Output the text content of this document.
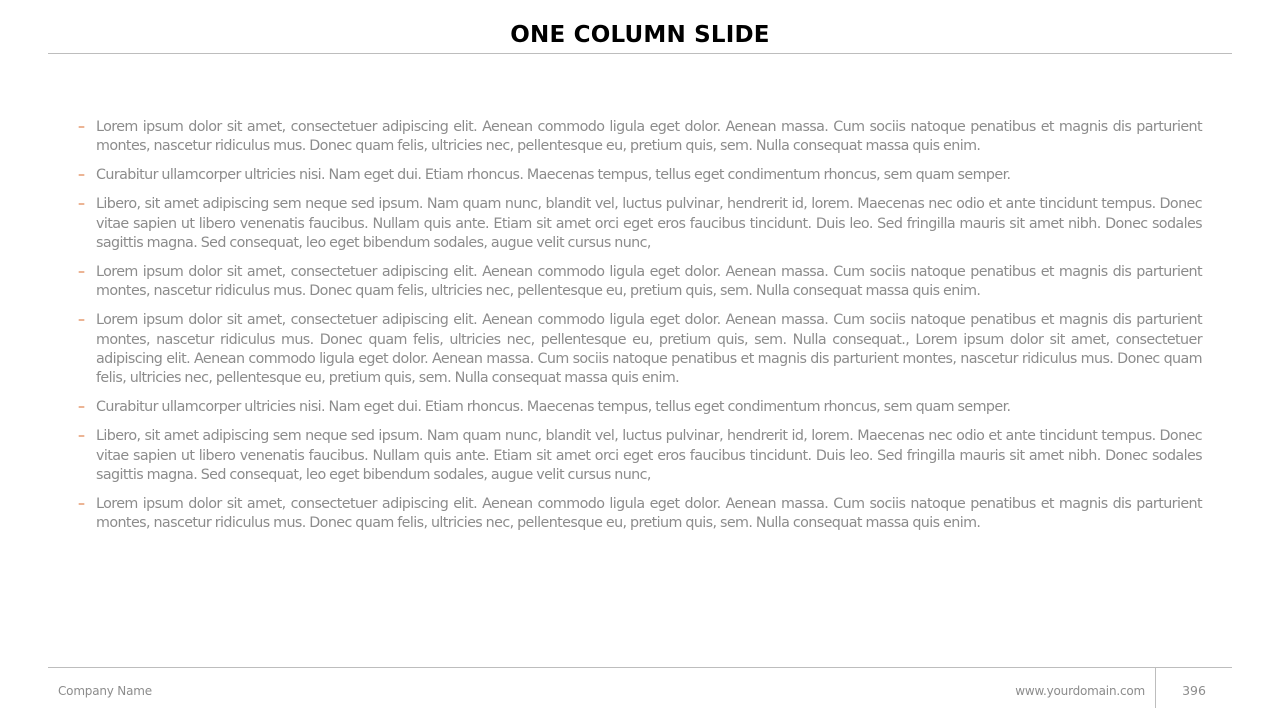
ONE COLUMN SLIDE
– Lorem ipsum dolor sit amet, consectetuer adipiscing elit. Aenean commodo ligula eget dolor. Aenean massa. Cum sociis natoque penatibus et magnis dis parturient montes, nascetur ridiculus mus. Donec quam felis, ultricies nec, pellentesque eu, pretium quis, sem. Nulla consequat massa quis enim.
– Curabitur ullamcorper ultricies nisi. Nam eget dui. Etiam rhoncus. Maecenas tempus, tellus eget condimentum rhoncus, sem quam semper.
– Libero, sit amet adipiscing sem neque sed ipsum. Nam quam nunc, blandit vel, luctus pulvinar, hendrerit id, lorem. Maecenas nec odio et ante tincidunt tempus. Donec vitae sapien ut libero venenatis faucibus. Nullam quis ante. Etiam sit amet orci eget eros faucibus tincidunt. Duis leo. Sed fringilla mauris sit amet nibh. Donec sodales sagittis magna. Sed consequat, leo eget bibendum sodales, augue velit cursus nunc,
– Lorem ipsum dolor sit amet, consectetuer adipiscing elit. Aenean commodo ligula eget dolor. Aenean massa. Cum sociis natoque penatibus et magnis dis parturient montes, nascetur ridiculus mus. Donec quam felis, ultricies nec, pellentesque eu, pretium quis, sem. Nulla consequat massa quis enim.
– Lorem ipsum dolor sit amet, consectetuer adipiscing elit. Aenean commodo ligula eget dolor. Aenean massa. Cum sociis natoque penatibus et magnis dis parturient montes, nascetur ridiculus mus. Donec quam felis, ultricies nec, pellentesque eu, pretium quis, sem. Nulla consequat., Lorem ipsum dolor sit amet, consectetuer adipiscing elit. Aenean commodo ligula eget dolor. Aenean massa. Cum sociis natoque penatibus et magnis dis parturient montes, nascetur ridiculus mus. Donec quam felis, ultricies nec, pellentesque eu, pretium quis, sem. Nulla consequat massa quis enim.
– Curabitur ullamcorper ultricies nisi. Nam eget dui. Etiam rhoncus. Maecenas tempus, tellus eget condimentum rhoncus, sem quam semper.
– Libero, sit amet adipiscing sem neque sed ipsum. Nam quam nunc, blandit vel, luctus pulvinar, hendrerit id, lorem. Maecenas nec odio et ante tincidunt tempus. Donec vitae sapien ut libero venenatis faucibus. Nullam quis ante. Etiam sit amet orci eget eros faucibus tincidunt. Duis leo. Sed fringilla mauris sit amet nibh. Donec sodales sagittis magna. Sed consequat, leo eget bibendum sodales, augue velit cursus nunc,
– Lorem ipsum dolor sit amet, consectetuer adipiscing elit. Aenean commodo ligula eget dolor. Aenean massa. Cum sociis natoque penatibus et magnis dis parturient montes, nascetur ridiculus mus. Donec quam felis, ultricies nec, pellentesque eu, pretium quis, sem. Nulla consequat massa quis enim.
Company Name	www.yourdomain.com	396
